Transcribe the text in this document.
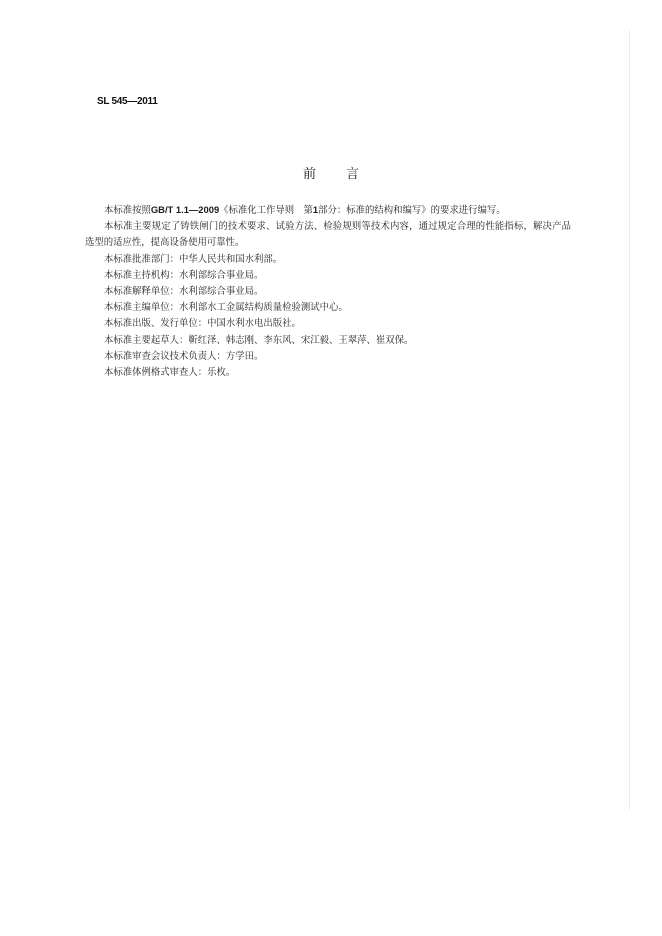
SL 545—2011
前 言

本标准按照GB/T 1.1—2009《标准化工作导则　第1部分：标准的结构和编写》的要求进行编写。

本标准主要规定了铸铁闸门的技术要求、试验方法、检验规则等技术内容，通过规定合理的性能指标，解决产品选型的适应性，提高设备使用可靠性。

本标准批准部门：中华人民共和国水利部。

本标准主持机构：水利部综合事业局。

本标准解释单位：水利部综合事业局。

本标准主编单位：水利部水工金属结构质量检验测试中心。

本标准出版、发行单位：中国水利水电出版社。

本标准主要起草人：靳红泽、韩志刚、李东风、宋江毅、王翠萍、崔双保。

本标准审查会议技术负责人：方学田。

本标准体例格式审查人：乐枚。
